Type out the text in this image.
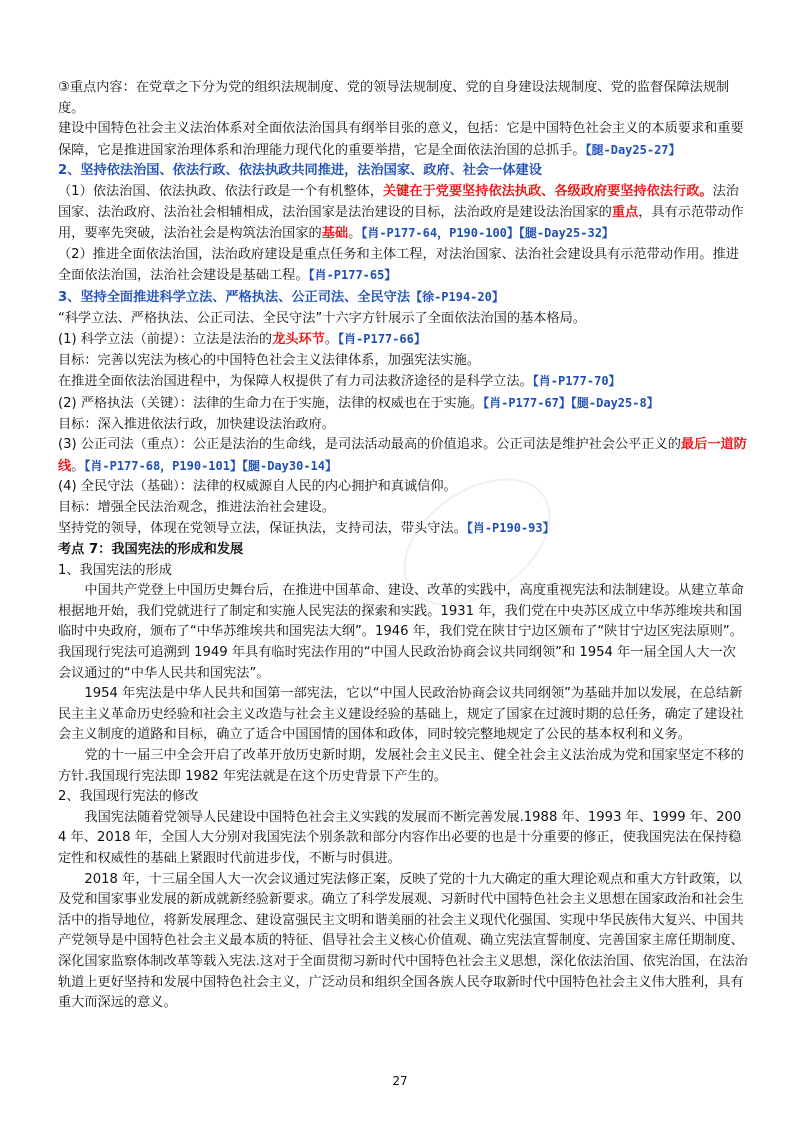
③重点内容：在党章之下分为党的组织法规制度、党的领导法规制度、党的自身建设法规制度、党的监督保障法规制度。

建设中国特色社会主义法治体系对全面依法治国具有纲举目张的意义，包括：它是中国特色社会主义的本质要求和重要保障，它是推进国家治理体系和治理能力现代化的重要举措，它是全面依法治国的总抓手。【腿-Day25-27】

2、坚持依法治国、依法行政、依法执政共同推进，法治国家、政府、社会一体建设

（1）依法治国、依法执政、依法行政是一个有机整体，关键在于党要坚持依法执政、各级政府要坚持依法行政。法治国家、法治政府、法治社会相辅相成，法治国家是法治建设的目标，法治政府是建设法治国家的重点，具有示范带动作用，要率先突破，法治社会是构筑法治国家的基础。【肖-P177-64，P190-100】【腿-Day25-32】

（2）推进全面依法治国，法治政府建设是重点任务和主体工程，对法治国家、法治社会建设具有示范带动作用。推进全面依法治国，法治社会建设是基础工程。【肖-P177-65】

3、坚持全面推进科学立法、严格执法、公正司法、全民守法【徐-P194-20】

“科学立法、严格执法、公正司法、全民守法”十六字方针展示了全面依法治国的基本格局。

(1) 科学立法（前提）：立法是法治的龙头环节。【肖-P177-66】

目标：完善以宪法为核心的中国特色社会主义法律体系，加强宪法实施。

在推进全面依法治国进程中，为保障人权提供了有力司法救济途径的是科学立法。【肖-P177-70】

(2) 严格执法（关键）：法律的生命力在于实施，法律的权威也在于实施。【肖-P177-67】【腿-Day25-8】

目标：深入推进依法行政，加快建设法治政府。

(3) 公正司法（重点）：公正是法治的生命线，是司法活动最高的价值追求。公正司法是维护社会公平正义的最后一道防线。【肖-P177-68，P190-101】【腿-Day30-14】

(4) 全民守法（基础）：法律的权威源自人民的内心拥护和真诚信仰。

目标：增强全民法治观念，推进法治社会建设。

坚持党的领导，体现在党领导立法，保证执法，支持司法，带头守法。【肖-P190-93】

考点 7：我国宪法的形成和发展

1、我国宪法的形成

中国共产党登上中国历史舞台后，在推进中国革命、建设、改革的实践中，高度重视宪法和法制建设。从建立革命根据地开始，我们党就进行了制定和实施人民宪法的探索和实践。1931 年，我们党在中央苏区成立中华苏维埃共和国临时中央政府，颁布了“中华苏维埃共和国宪法大纲”。1946 年，我们党在陕甘宁边区颁布了“陕甘宁边区宪法原则”。我国现行宪法可追溯到 1949 年具有临时宪法作用的“中国人民政治协商会议共同纲领”和 1954 年一届全国人大一次会议通过的“中华人民共和国宪法”。

1954 年宪法是中华人民共和国第一部宪法，它以“中国人民政治协商会议共同纲领”为基础并加以发展，在总结新民主主义革命历史经验和社会主义改造与社会主义建设经验的基础上，规定了国家在过渡时期的总任务，确定了建设社会主义制度的道路和目标，确立了适合中国国情的国体和政体，同时较完整地规定了公民的基本权利和义务。

党的十一届三中全会开启了改革开放历史新时期，发展社会主义民主、健全社会主义法治成为党和国家坚定不移的方针.我国现行宪法即 1982 年宪法就是在这个历史背景下产生的。

2、我国现行宪法的修改

我国宪法随着党领导人民建设中国特色社会主义实践的发展而不断完善发展.1988 年、1993 年、1999 年、2004 年、2018 年，全国人大分别对我国宪法个别条款和部分内容作出必要的也是十分重要的修正，使我国宪法在保持稳定性和权威性的基础上紧跟时代前进步伐，不断与时俱进。

2018 年，十三届全国人大一次会议通过宪法修正案，反映了党的十九大确定的重大理论观点和重大方针政策，以及党和国家事业发展的新成就新经验新要求。确立了科学发展观、习新时代中国特色社会主义思想在国家政治和社会生活中的指导地位，将新发展理念、建设富强民主文明和谐美丽的社会主义现代化强国、实现中华民族伟大复兴、中国共产党领导是中国特色社会主义最本质的特征、倡导社会主义核心价值观、确立宪法宣誓制度、完善国家主席任期制度、深化国家监察体制改革等载入宪法.这对于全面贯彻习新时代中国特色社会主义思想，深化依法治国、依宪治国，在法治轨道上更好坚持和发展中国特色社会主义，广泛动员和组织全国各族人民夺取新时代中国特色社会主义伟大胜利，具有重大而深远的意义。

27
